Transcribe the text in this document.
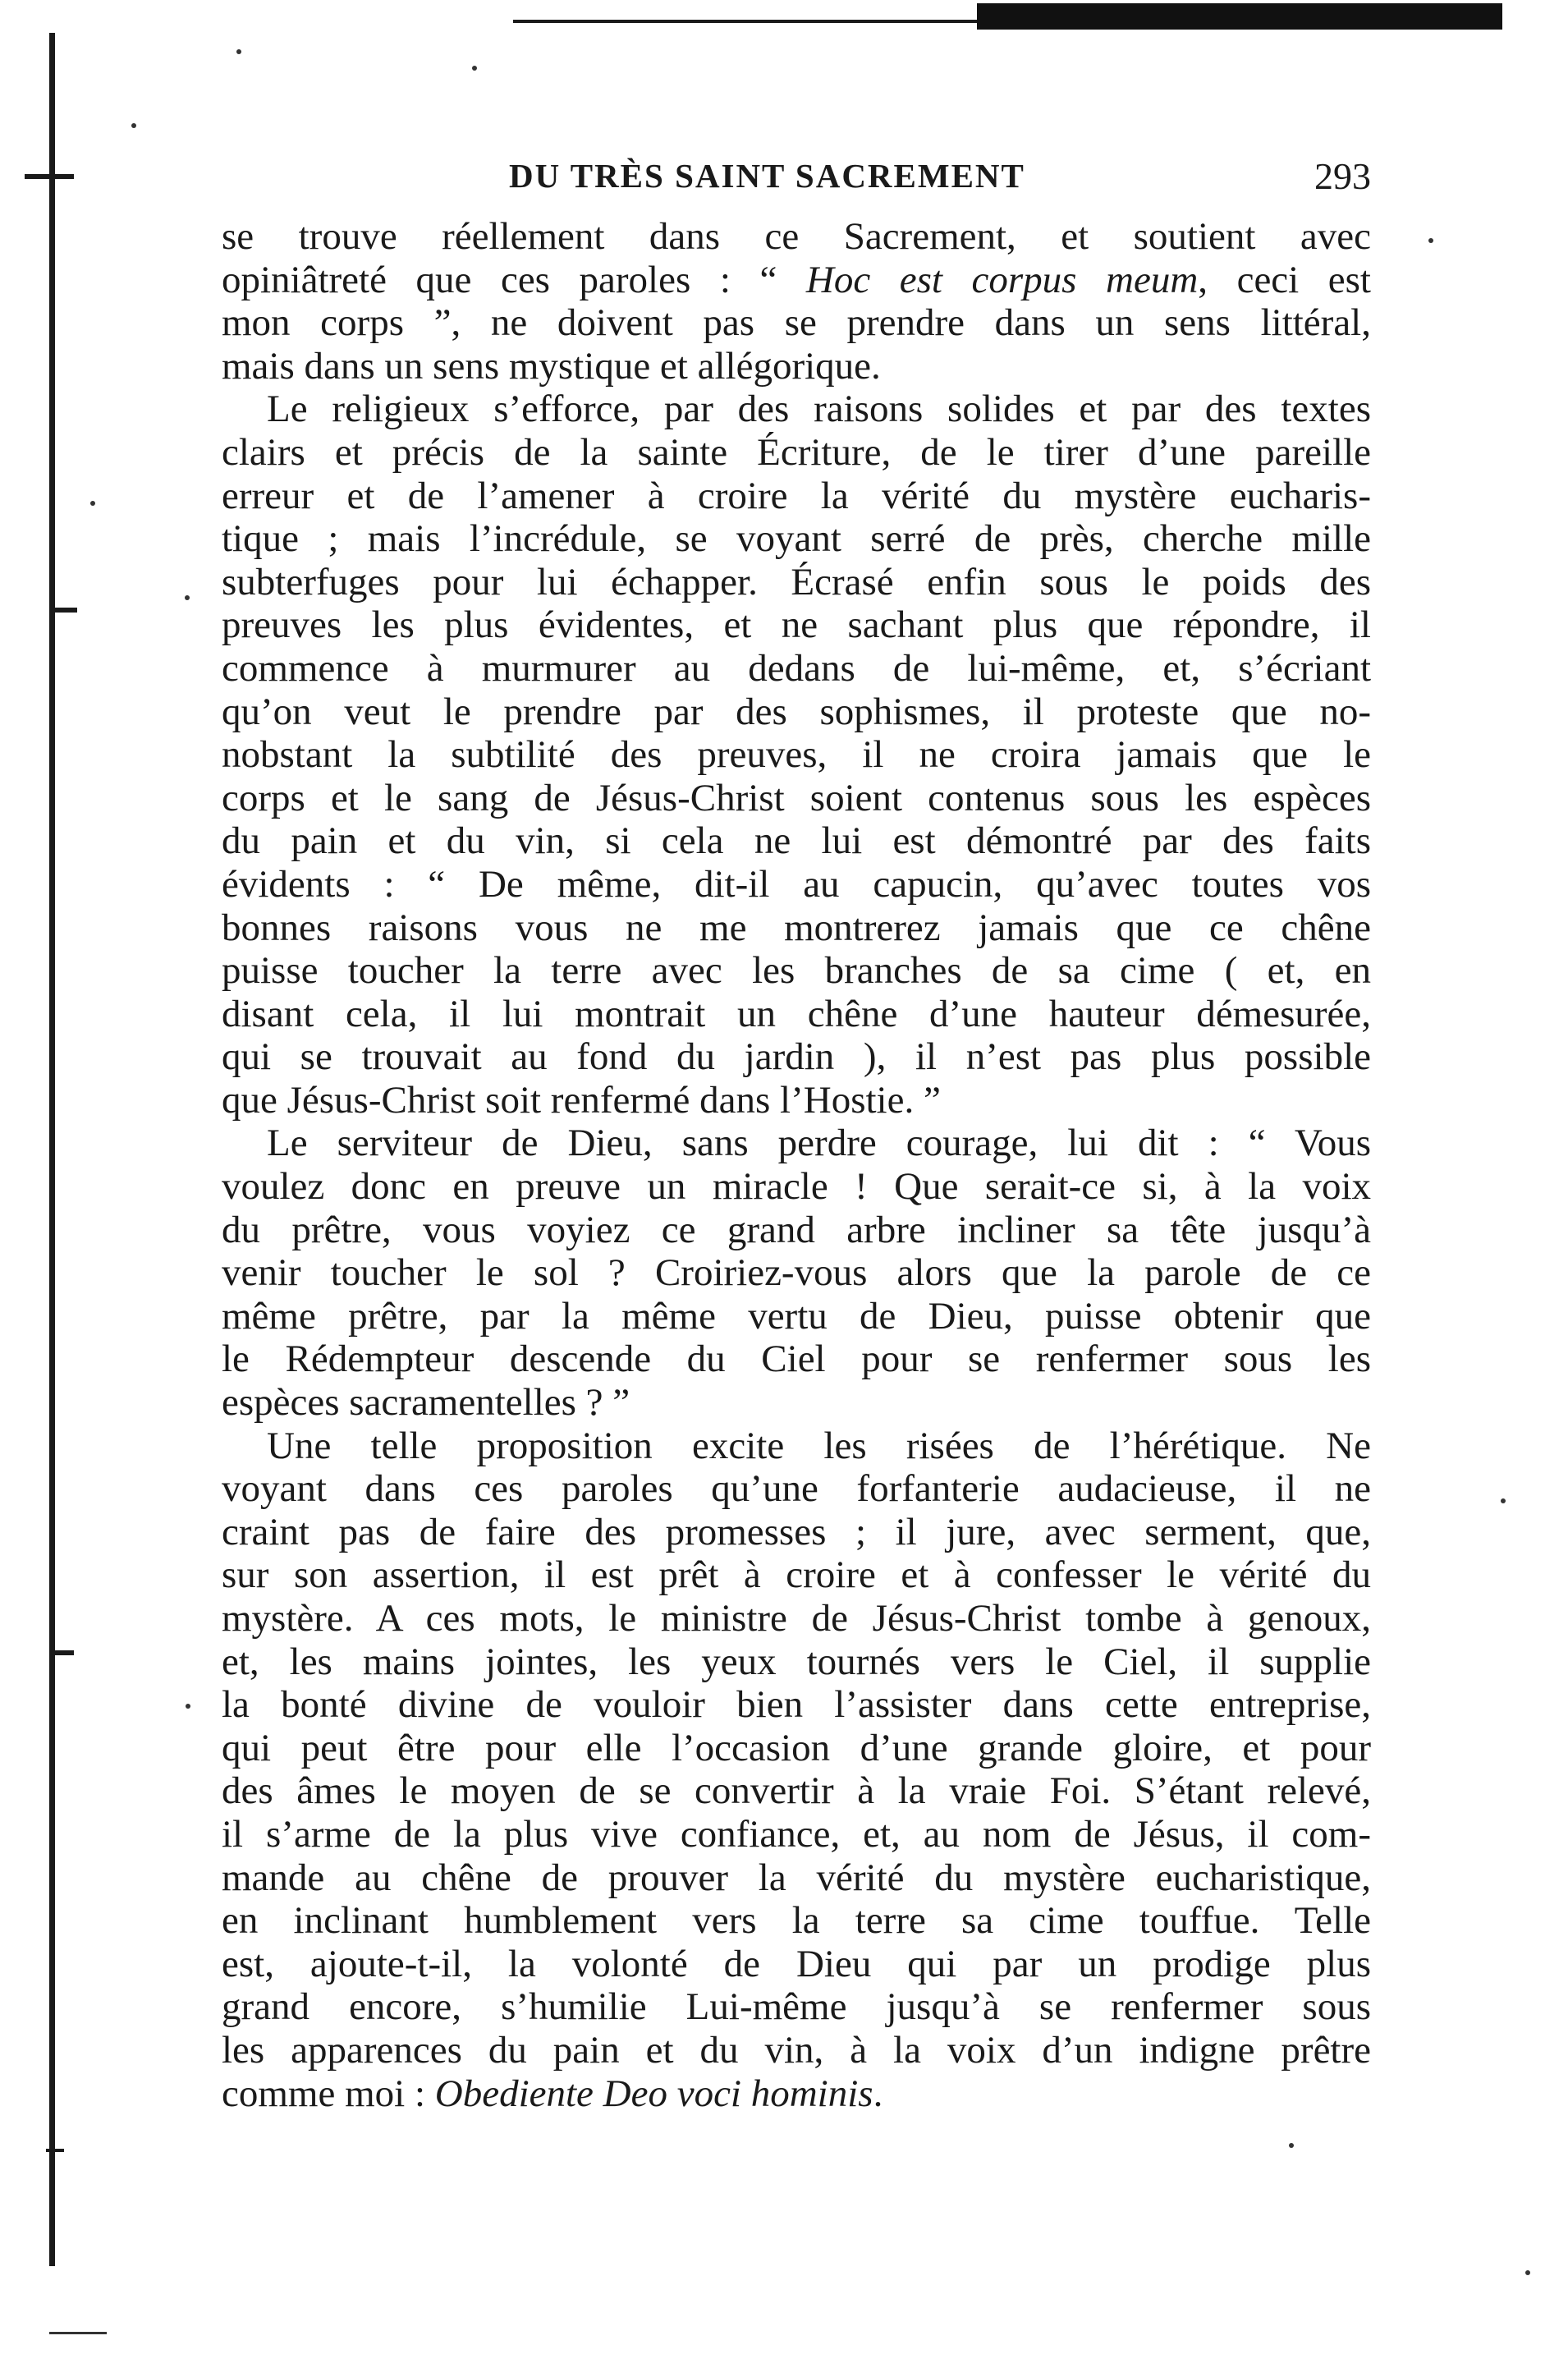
DU TRÈS SAINT SACREMENT	293
se trouve réellement dans ce Sacrement, et soutient avec
opiniâtreté que ces paroles : “ Hoc est corpus meum, ceci est
mon corps ”, ne doivent pas se prendre dans un sens littéral,
mais dans un sens mystique et allégorique.
Le religieux s’efforce, par des raisons solides et par des textes
clairs et précis de la sainte Écriture, de le tirer d’une pareille
erreur et de l’amener à croire la vérité du mystère eucharis-
tique ; mais l’incrédule, se voyant serré de près, cherche mille
subterfuges pour lui échapper. Écrasé enfin sous le poids des
preuves les plus évidentes, et ne sachant plus que répondre, il
commence à murmurer au dedans de lui-même, et, s’écriant
qu’on veut le prendre par des sophismes, il proteste que no-
nobstant la subtilité des preuves, il ne croira jamais que le
corps et le sang de Jésus-Christ soient contenus sous les espèces
du pain et du vin, si cela ne lui est démontré par des faits
évidents : “ De même, dit-il au capucin, qu’avec toutes vos
bonnes raisons vous ne me montrerez jamais que ce chêne
puisse toucher la terre avec les branches de sa cime ( et, en
disant cela, il lui montrait un chêne d’une hauteur démesurée,
qui se trouvait au fond du jardin ), il n’est pas plus possible
que Jésus-Christ soit renfermé dans l’Hostie. ”
Le serviteur de Dieu, sans perdre courage, lui dit : “ Vous
voulez donc en preuve un miracle ! Que serait-ce si, à la voix
du prêtre, vous voyiez ce grand arbre incliner sa tête jusqu’à
venir toucher le sol ? Croiriez-vous alors que la parole de ce
même prêtre, par la même vertu de Dieu, puisse obtenir que
le Rédempteur descende du Ciel pour se renfermer sous les
espèces sacramentelles ? ”
Une telle proposition excite les risées de l’hérétique. Ne
voyant dans ces paroles qu’une forfanterie audacieuse, il ne
craint pas de faire des promesses ; il jure, avec serment, que,
sur son assertion, il est prêt à croire et à confesser le vérité du
mystère. A ces mots, le ministre de Jésus-Christ tombe à genoux,
et, les mains jointes, les yeux tournés vers le Ciel, il supplie
la bonté divine de vouloir bien l’assister dans cette entreprise,
qui peut être pour elle l’occasion d’une grande gloire, et pour
des âmes le moyen de se convertir à la vraie Foi. S’étant relevé,
il s’arme de la plus vive confiance, et, au nom de Jésus, il com-
mande au chêne de prouver la vérité du mystère eucharistique,
en inclinant humblement vers la terre sa cime touffue. Telle
est, ajoute-t-il, la volonté de Dieu qui par un prodige plus
grand encore, s’humilie Lui-même jusqu’à se renfermer sous
les apparences du pain et du vin, à la voix d’un indigne prêtre
comme moi : Obediente Deo voci hominis.
